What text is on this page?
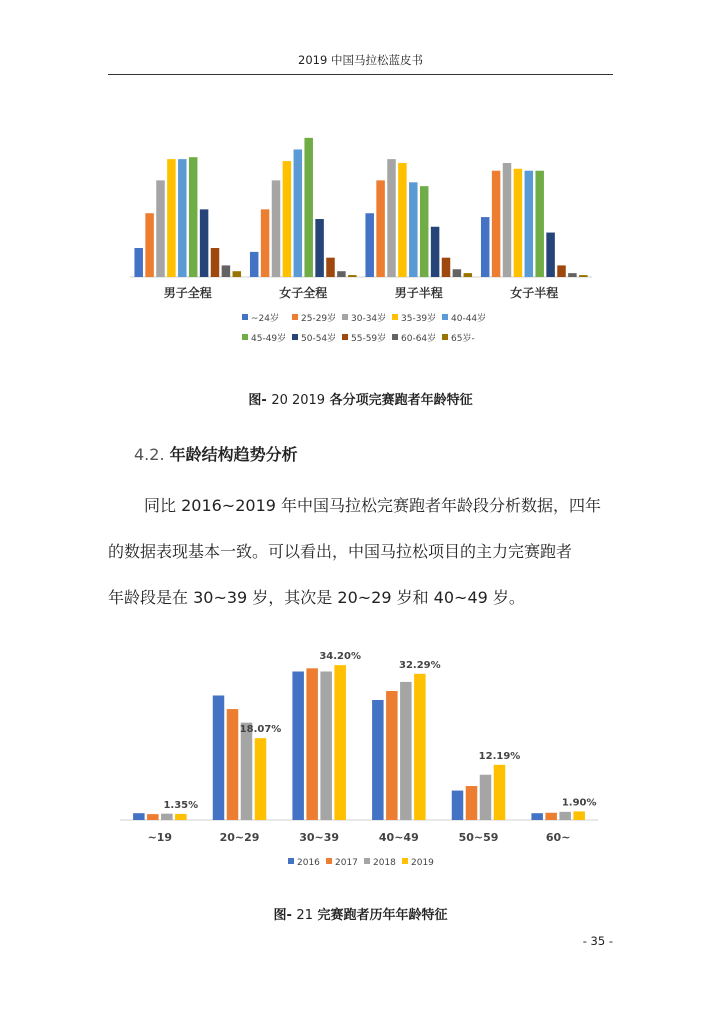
2019 中国马拉松蓝皮书
男子全程	女子全程	男子半程	女子半程
~24岁 25-29岁 30-34岁 35-39岁 40-44岁
45-49岁 50-54岁 55-59岁 60-64岁 65岁-
图- 20 2019 各分项完赛跑者年龄特征
4.2. 年龄结构趋势分析
同比 2016~2019 年中国马拉松完赛跑者年龄段分析数据，四年
的数据表现基本一致。可以看出，中国马拉松项目的主力完赛跑者
年龄段是在 30~39 岁，其次是 20~29 岁和 40~49 岁。
1.35%
~19
18.07%
20~29
34.20%
30~39
32.29%
40~49
12.19%
50~59
1.90%
60~
2016 2017 2018 2019
图- 21 完赛跑者历年年龄特征
- 35 -
